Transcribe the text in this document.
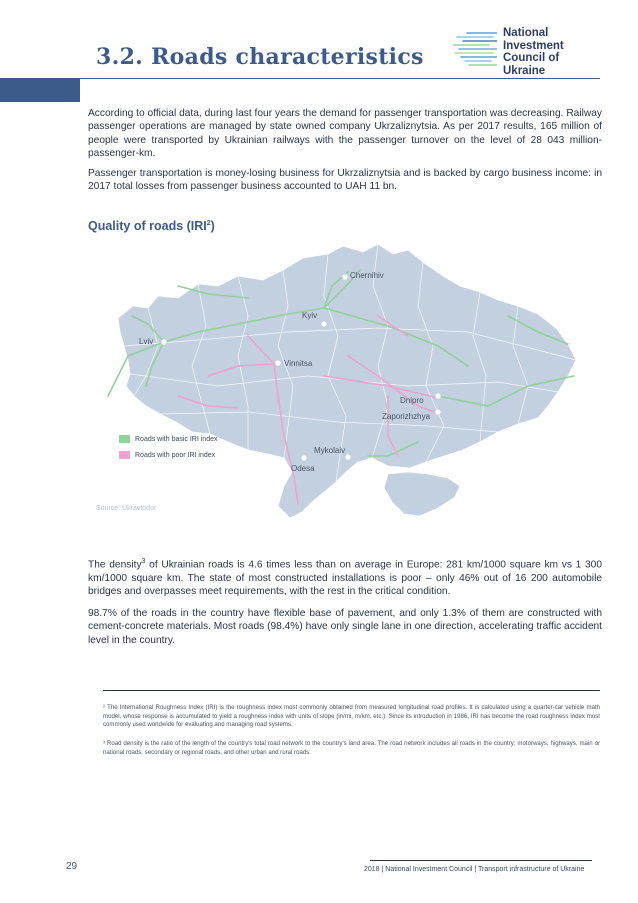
3.2. Roads characteristics
National
Investment
Council of Ukraine

According to official data, during last four years the demand for passenger transportation was decreasing. Railway passenger operations are managed by state owned company Ukrzaliznytsia. As per 2017 results, 165 million of people were transported by Ukrainian railways with the passenger turnover on the level of 28 043 million-passenger-km.

Passenger transportation is money-losing business for Ukrzaliznytsia and is backed by cargo business income: in 2017 total losses from passenger business accounted to UAH 11 bn.

Quality of roads (IRI$^2$)
Chernihiv
Kyiv
Lviv
Vinnitsa
Dnipro
Zaporizhzhya
Mykolaiv
Odesa
Roads with basic IRI index
Roads with poor IRI index
Source: Ukravtodor

The density$^3$ of Ukrainian roads is 4.6 times less than on average in Europe: 281 km/1000 square km vs 1 300 km/1000 square km. The state of most constructed installations is poor – only 46% out of 16 200 automobile bridges and overpasses meet requirements, with the rest in the critical condition.

98.7% of the roads in the country have flexible base of pavement, and only 1.3% of them are constructed with cement-concrete materials. Most roads (98.4%) have only single lane in one direction, accelerating traffic accident level in the country.

² The International Roughness Index (IRI) is the roughness index most commonly obtained from measured longitudinal road profiles. It is calculated using a quarter-car vehicle math model, whose response is accumulated to yield a roughness index with units of slope (in/mi, m/km, etc.). Since its introduction in 1986, IRI has become the road roughness index most commonly used worldwide for evaluating and managing road systems.

³ Road density is the ratio of the length of the country's total road network to the country's land area. The road network includes all roads in the country: motorways, highways, main or national roads, secondary or regional roads, and other urban and rural roads.

29	2018 | National Investment Council | Transport infrastructure of Ukraine
